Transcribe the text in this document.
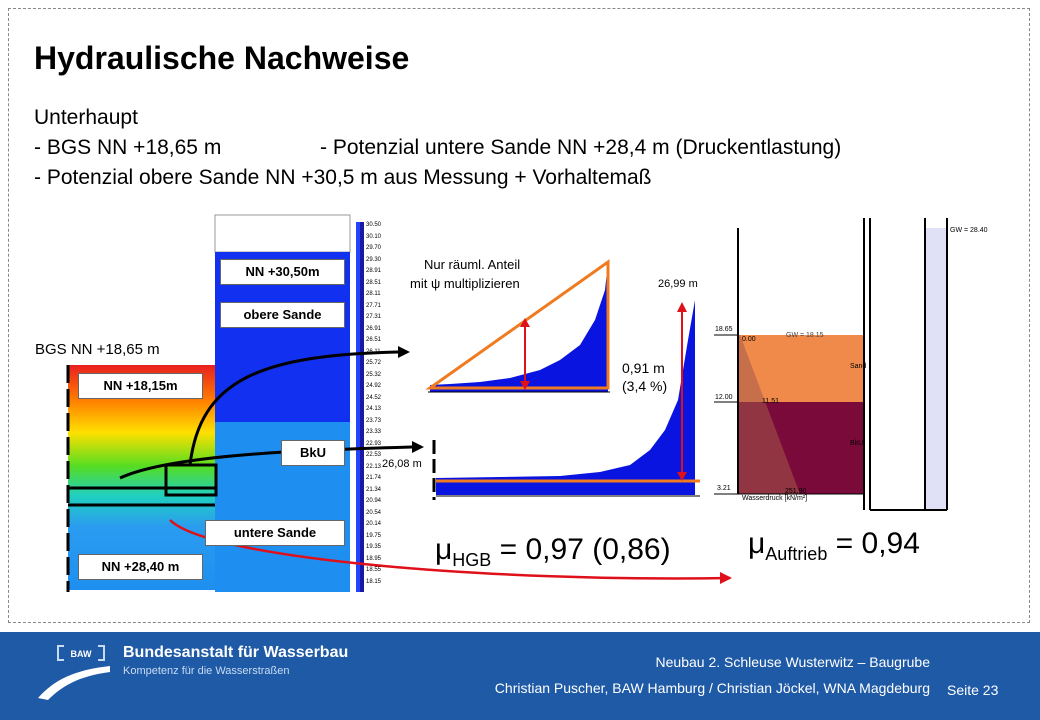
Hydraulische Nachweise
Unterhaupt
- BGS NN +18,65 m	- Potenzial untere Sande NN +28,4 m (Druckentlastung)
- Potenzial obere Sande NN +30,5 m aus Messung + Vorhaltemaß
30.50
30.10
29.70
29.30
28.91
28.51
28.11
27.71
27.31
26.91
26.51
26.11
25.72
25.32
24.92
24.52
24.13
23.73
23.33
22.93
22.53
22.13
21.74
21.34
20.94
20.54
20.14
19.75
19.35
18.95
18.55
18.15
BGS NN +18,65 m
NN +18,15m
NN +30,50m
obere Sande
BkU
untere Sande
NN +28,40 m
Nur räuml. Anteil
mit ψ multiplizieren	26,99 m
0,91 m
(3,4 %)
26,08 m
$\mu_{HGB} = 0,97$ (0,86)
GW = 28.40
18.65
12.00
3.21
0.00
11.51
251.90
GW = 18.15
Sand
BkU
Wasserdruck [kN/m²]
$\mu_{Auftrieb} = 0,94$
BAW Bundesanstalt für Wasserbau
Kompetenz für die Wasserstraßen
Neubau 2. Schleuse Wusterwitz – Baugrube
Christian Puscher, BAW Hamburg / Christian Jöckel, WNA Magdeburg Seite 23
